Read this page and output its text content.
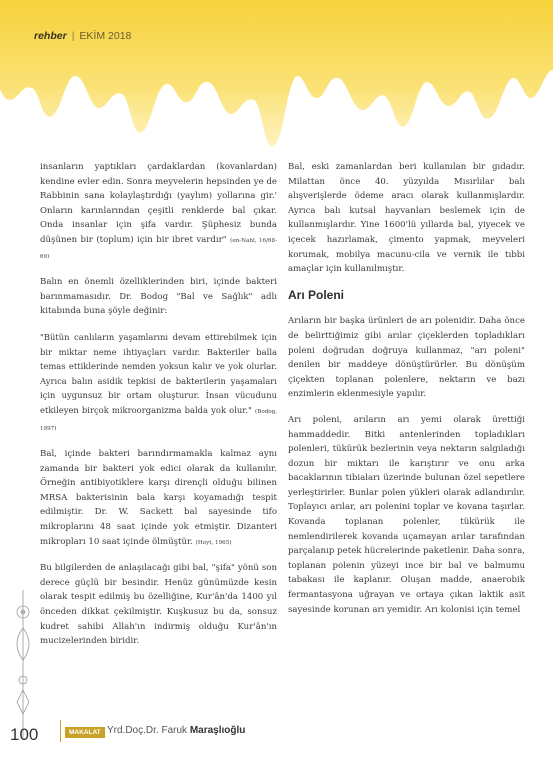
rehber | EKİM 2018

insanların yaptıkları çardaklardan (kovanlardan) kendine evler edin. Sonra meyvelerin hepsinden ye de Rabbinin sana kolaylaştırdığı (yaylım) yollarına gir.' Onların karınlarından çeşitli renklerde bal çıkar. Onda insanlar için şifa vardır. Şüphesiz bunda düşünen bir (toplum) için bir ibret vardır" (en-Nahl, 16/68-69)

Balın en önemli özelliklerinden biri, içinde bakteri barınmamasıdır. Dr. Bodog "Bal ve Sağlık" adlı kitabında buna şöyle değinir:

"Bütün canlıların yaşamlarını devam ettirebilmek için bir miktar neme ihtiyaçları vardır. Bakteriler balla temas ettiklerinde nemden yoksun kalır ve yok olurlar. Ayrıca balın asidik tepkisi de bakterilerin yaşamaları için uygunsuz bir ortam oluşturur. İnsan vücudunu etkileyen birçok mikroorganizma balda yok olur." (Bodog, 1997)

Bal, içinde bakteri barındırmamakla kalmaz aynı zamanda bir bakteri yok edici olarak da kullanılır. Örneğin antibiyotiklere karşı dirençli olduğu bilinen MRSA bakterisinin bala karşı koyamadığı tespit edilmiştir. Dr. W. Sackett bal sayesinde tifo mikroplarını 48 saat içinde yok etmiştir. Dizanteri mikropları 10 saat içinde ölmüştür. (Hoyt, 1965)

Bu bilgilerden de anlaşılacağı gibi bal, "şifa" yönü son derece güçlü bir besindir. Henüz günümüzde kesin olarak tespit edilmiş bu özelliğine, Kur'ân'da 1400 yıl önceden dikkat çekilmiştir. Kuşkusuz bu da, sonsuz kudret sahibi Allah'ın indirmiş olduğu Kur'ân'ın mucizelerinden biridir.

Bal, eski zamanlardan beri kullanılan bir gıdadır. Milattan önce 40. yüzyılda Mısırlılar balı alışverişlerde ödeme aracı olarak kullanmışlardır. Ayrıca balı kutsal hayvanları beslemek için de kullanmışlardır. Yine 1600'lü yıllarda bal, yiyecek ve içecek hazırlamak, çimento yapmak, meyveleri korumak, mobilya macunu-cila ve vernik ile tıbbi amaçlar için kullanılmıştır.

Arı Poleni

Arıların bir başka ürünleri de arı polenidir. Daha önce de belirttiğimiz gibi arılar çiçeklerden topladıkları poleni doğrudan doğruya kullanmaz, "arı poleni" denilen bir maddeye dönüştürürler. Bu dönüşüm çiçekten toplanan polenlere, nektarın ve bazı enzimlerin eklenmesiyle yapılır.

Arı poleni, arıların arı yemi olarak ürettiği hammaddedir. Bitki antenlerinden topladıkları polenleri, tükürük bezlerinin veya nektarın salgıladığı dozun bir miktarı ile karıştırır ve onu arka bacaklarının tibiaları üzerinde bulunan özel sepetlere yerleştirirler. Bunlar polen yükleri olarak adlandırılır. Toplayıcı arılar, arı polenini toplar ve kovana taşırlar. Kovanda toplanan polenler, tükürük ile nemlendirilerek kovanda uçamayan arılar tarafından parçalanıp petek hücrelerinde paketlenir. Daha sonra, toplanan polenin yüzeyi ince bir bal ve balmumu tabakası ile kaplanır. Oluşan madde, anaerobik fermantasyona uğrayan ve ortaya çıkan laktik asit sayesinde korunan arı yemidir. Arı kolonisi için temel

100	MAKALAT Yrd.Doç.Dr. Faruk Maraşlıoğlu
